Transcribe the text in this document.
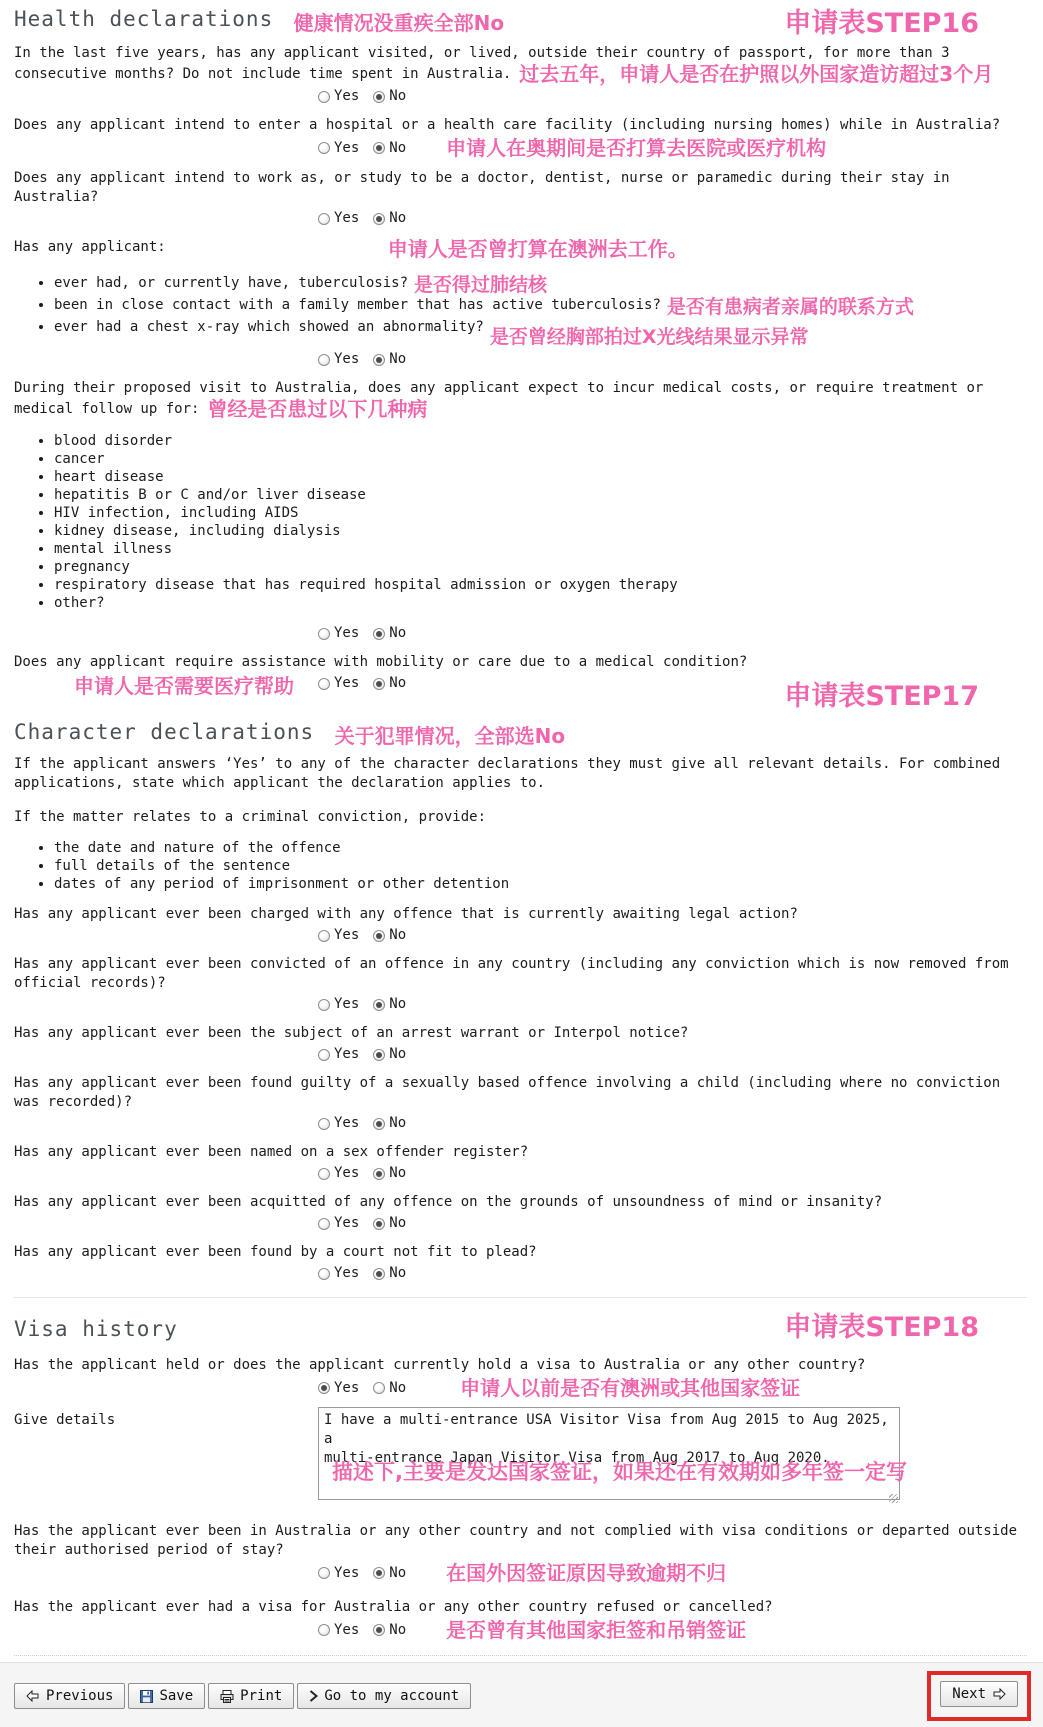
申请表STEP16
Health declarations 健康情况没重疾全部No

In the last five years, has any applicant visited, or lived, outside their country of passport, for more than 3 consecutive months? Do not include time spent in Australia. 过去五年，申请人是否在护照以外国家造访超过3个月

Yes No

Does any applicant intend to enter a hospital or a health care facility (including nursing homes) while in Australia?

Yes No 申请人在奥期间是否打算去医院或医疗机构

Does any applicant intend to work as, or study to be a doctor, dentist, nurse or paramedic during their stay in Australia?

Yes No
Has any applicant:	申请人是否曾打算在澳洲去工作。
• ever had, or currently have, tuberculosis? 是否得过肺结核
• been in close contact with a family member that has active tuberculosis? 是否有患病者亲属的联系方式
• ever had a chest x-ray which showed an abnormality? 是否曾经胸部拍过X光线结果显示异常
Yes No

During their proposed visit to Australia, does any applicant expect to incur medical costs, or require treatment or medical follow up for: 曾经是否患过以下几种病

• blood disorder
• cancer
• heart disease
• hepatitis B or C and/or liver disease
• HIV infection, including AIDS
• kidney disease, including dialysis
• mental illness
• pregnancy
• respiratory disease that has required hospital admission or oxygen therapy
• other?
Yes No

Does any applicant require assistance with mobility or care due to a medical condition?

申请人是否需要医疗帮助	Yes No	申请表STEP17
Character declarations 关于犯罪情况，全部选No

If the applicant answers ‘Yes’ to any of the character declarations they must give all relevant details. For combined applications, state which applicant the declaration applies to.

If the matter relates to a criminal conviction, provide:

• the date and nature of the offence
• full details of the sentence
• dates of any period of imprisonment or other detention

Has any applicant ever been charged with any offence that is currently awaiting legal action?

Yes No

Has any applicant ever been convicted of an offence in any country (including any conviction which is now removed from official records)?

Yes No

Has any applicant ever been the subject of an arrest warrant or Interpol notice?

Yes No

Has any applicant ever been found guilty of a sexually based offence involving a child (including where no conviction was recorded)?

Yes No

Has any applicant ever been named on a sex offender register?

Yes No

Has any applicant ever been acquitted of any offence on the grounds of unsoundness of mind or insanity?

Yes No

Has any applicant ever been found by a court not fit to plead?

Yes No
申请表STEP18
Visa history

Has the applicant held or does the applicant currently hold a visa to Australia or any other country?

Yes No	申请人以前是否有澳洲或其他国家签证
Give details
I have a multi-entrance USA Visitor Visa from Aug 2015 to Aug 2025, a multi-entrance Japan Visitor Visa from Aug 2017 to Aug 2020.
描述下,主要是发达国家签证，如果还在有效期如多年签一定写

Has the applicant ever been in Australia or any other country and not complied with visa conditions or departed outside their authorised period of stay?

Yes No 在国外因签证原因导致逾期不归

Has the applicant ever had a visa for Australia or any other country refused or cancelled?

Yes No 是否曾有其他国家拒签和吊销签证
Previous	Save	Print	Go to my account	Next
